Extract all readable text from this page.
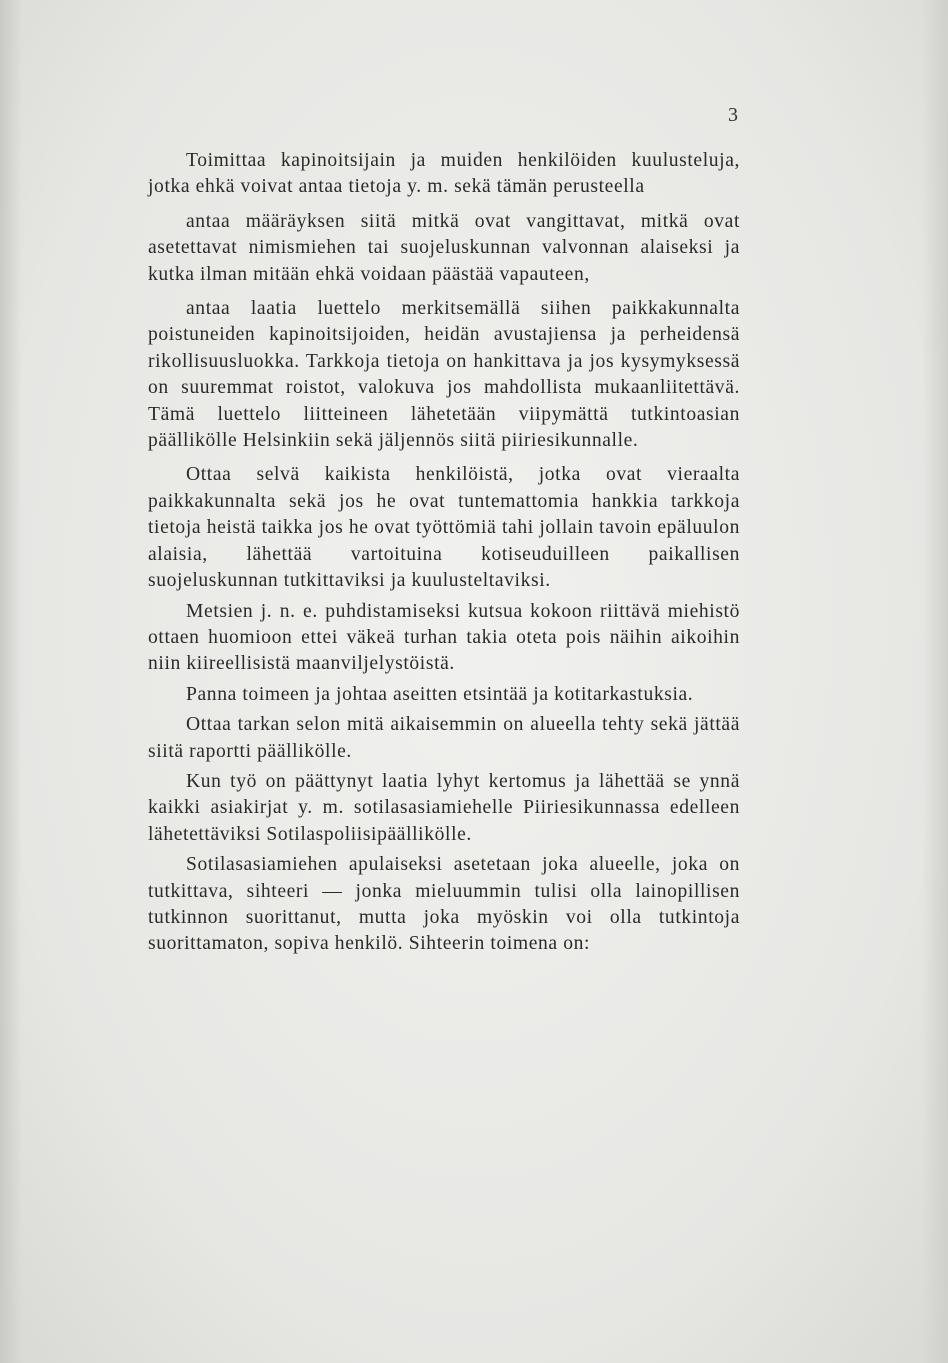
3

Toimittaa kapinoitsijain ja muiden henkilöiden kuulusteluja, jotka ehkä voivat antaa tietoja y. m. sekä tämän perusteella

antaa määräyksen siitä mitkä ovat vangittavat, mitkä ovat asetettavat nimismiehen tai suojeluskunnan valvonnan alaiseksi ja kutka ilman mitään ehkä voidaan päästää vapauteen,

antaa laatia luettelo merkitsemällä siihen paikkakunnalta poistuneiden kapinoitsijoiden, heidän avustajiensa ja perheidensä rikollisuusluokka. Tarkkoja tietoja on hankittava ja jos kysymyksessä on suuremmat roistot, valokuva jos mahdollista mukaanliitettävä. Tämä luettelo liitteineen lähetetään viipymättä tutkintoasian päällikölle Helsinkiin sekä jäljennös siitä piiriesikunnalle.

Ottaa selvä kaikista henkilöistä, jotka ovat vieraalta paikkakunnalta sekä jos he ovat tuntemattomia hankkia tarkkoja tietoja heistä taikka jos he ovat työttömiä tahi jollain tavoin epäluulon alaisia, lähettää vartoituina kotiseuduilleen paikallisen suojeluskunnan tutkittaviksi ja kuulusteltaviksi.

Metsien j. n. e. puhdistamiseksi kutsua kokoon riittävä miehistö ottaen huomioon ettei väkeä turhan takia oteta pois näihin aikoihin niin kiireellisistä maanviljelystöistä.

Panna toimeen ja johtaa aseitten etsintää ja kotitarkastuksia.

Ottaa tarkan selon mitä aikaisemmin on alueella tehty sekä jättää siitä raportti päällikölle.

Kun työ on päättynyt laatia lyhyt kertomus ja lähettää se ynnä kaikki asiakirjat y. m. sotilasasiamiehelle Piiriesikunnassa edelleen lähetettäviksi Sotilaspoliisipäällikölle.

Sotilasasiamiehen apulaiseksi asetetaan joka alueelle, joka on tutkittava, sihteeri — jonka mieluummin tulisi olla lainopillisen tutkinnon suorittanut, mutta joka myöskin voi olla tutkintoja suorittamaton, sopiva henkilö. Sihteerin toimena on:
